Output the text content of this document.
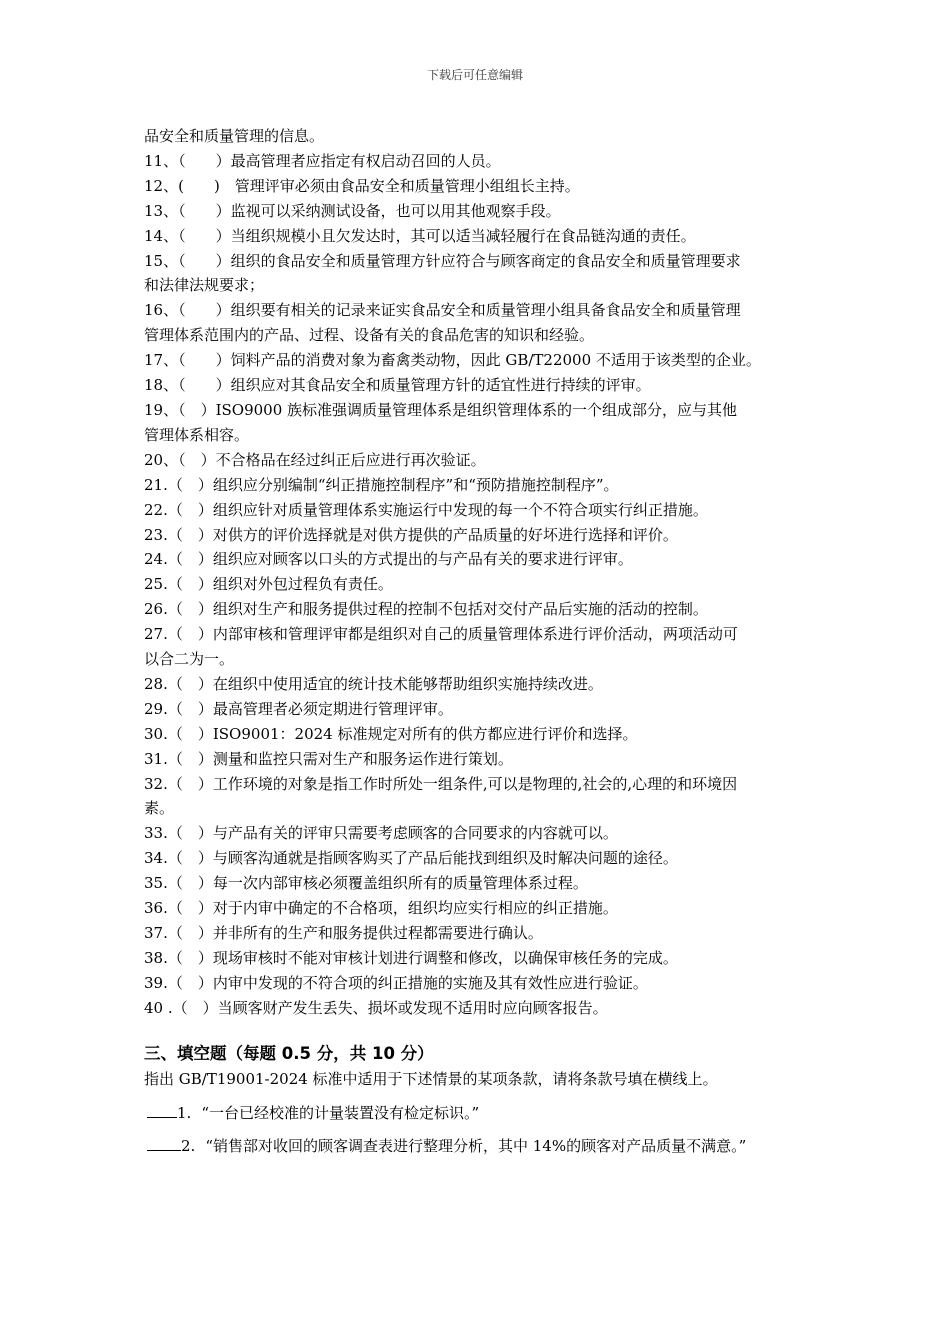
下载后可任意编辑
品安全和质量管理的信息。
11、（　　）最高管理者应指定有权启动召回的人员。
12、(　　)　管理评审必须由食品安全和质量管理小组组长主持。
13、（　　）监视可以采纳测试设备，也可以用其他观察手段。
14、（　　）当组织规模小且欠发达时，其可以适当减轻履行在食品链沟通的责任。
15、（　　）组织的食品安全和质量管理方针应符合与顾客商定的食品安全和质量管理要求
和法律法规要求；
16、（　　）组织要有相关的记录来证实食品安全和质量管理小组具备食品安全和质量管理
管理体系范围内的产品、过程、设备有关的食品危害的知识和经验。
17、（　　）饲料产品的消费对象为畜禽类动物，因此 GB/T22000 不适用于该类型的企业。
18、（　　）组织应对其食品安全和质量管理方针的适宜性进行持续的评审。
19、（　）ISO9000 族标准强调质量管理体系是组织管理体系的一个组成部分，应与其他
管理体系相容。
20、（　）不合格品在经过纠正后应进行再次验证。
21.（　）组织应分别编制“纠正措施控制程序”和“预防措施控制程序”。
22.（　）组织应针对质量管理体系实施运行中发现的每一个不符合项实行纠正措施。
23.（　）对供方的评价选择就是对供方提供的产品质量的好坏进行选择和评价。
24.（　）组织应对顾客以口头的方式提出的与产品有关的要求进行评审。
25.（　）组织对外包过程负有责任。
26.（　）组织对生产和服务提供过程的控制不包括对交付产品后实施的活动的控制。
27.（　）内部审核和管理评审都是组织对自己的质量管理体系进行评价活动，两项活动可
以合二为一。
28.（　）在组织中使用适宜的统计技术能够帮助组织实施持续改进。
29.（　）最高管理者必须定期进行管理评审。
30.（　）ISO9001：2024 标准规定对所有的供方都应进行评价和选择。
31.（　）测量和监控只需对生产和服务运作进行策划。
32.（　）工作环境的对象是指工作时所处一组条件,可以是物理的,社会的,心理的和环境因
素。
33.（　）与产品有关的评审只需要考虑顾客的合同要求的内容就可以。
34.（　）与顾客沟通就是指顾客购买了产品后能找到组织及时解决问题的途径。
35.（　）每一次内部审核必须覆盖组织所有的质量管理体系过程。
36.（　）对于内审中确定的不合格项，组织均应实行相应的纠正措施。
37.（　）并非所有的生产和服务提供过程都需要进行确认。
38.（　）现场审核时不能对审核计划进行调整和修改，以确保审核任务的完成。
39.（　）内审中发现的不符合项的纠正措施的实施及其有效性应进行验证。
40 .（　）当顾客财产发生丢失、损坏或发现不适用时应向顾客报告。
三、填空题（每题 0.5 分，共 10 分）
指出 GB/T19001-2024 标准中适用于下述情景的某项条款，请将条款号填在横线上。
1. “一台已经校准的计量装置没有检定标识。”
2. “销售部对收回的顾客调查表进行整理分析，其中 14%的顾客对产品质量不满意。”
